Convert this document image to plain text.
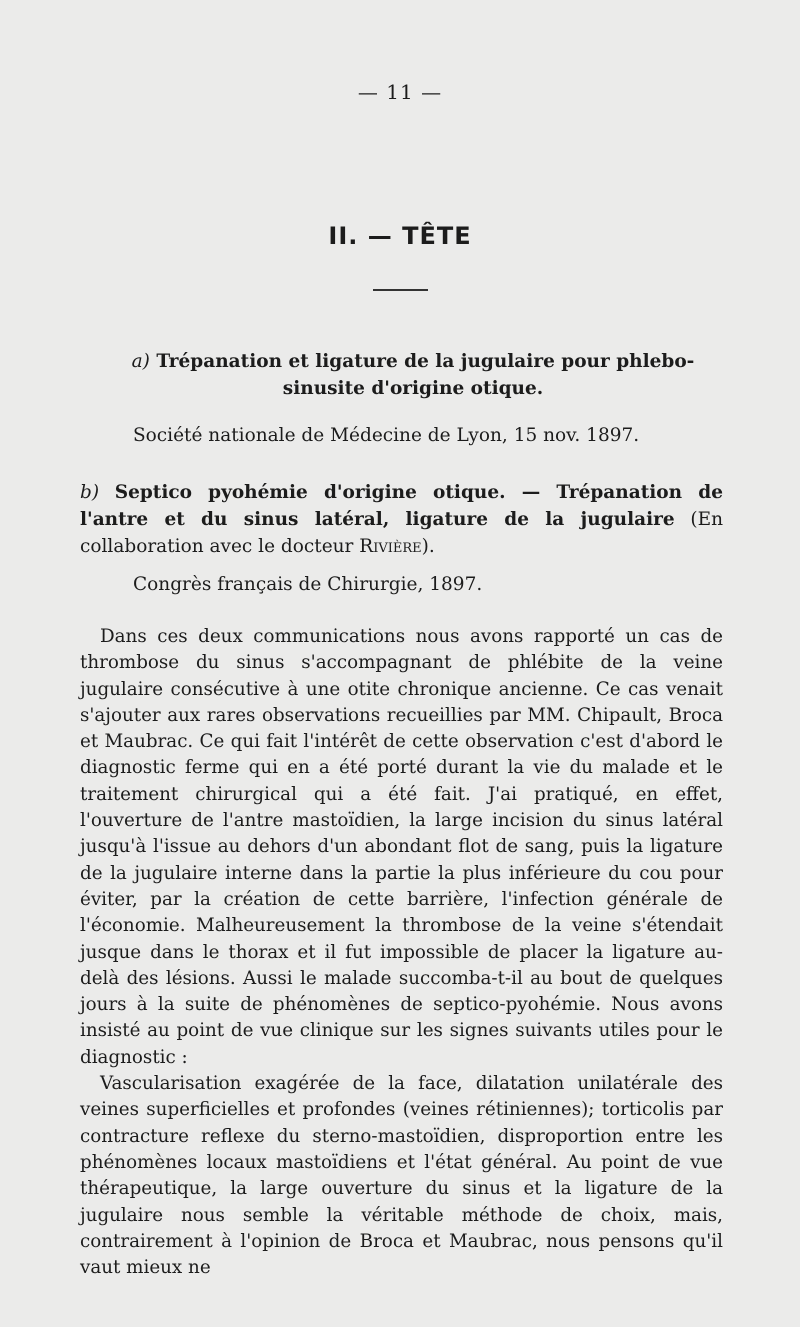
— 11 —
II. — TÊTE
a) Trépanation et ligature de la jugulaire pour phlebo-sinusite d'origine otique.
Société nationale de Médecine de Lyon, 15 nov. 1897.
b) Septico pyohémie d'origine otique. — Trépanation de l'antre et du sinus latéral, ligature de la jugulaire (En collaboration avec le docteur Rivière).
Congrès français de Chirurgie, 1897.

Dans ces deux communications nous avons rapporté un cas de thrombose du sinus s'accompagnant de phlébite de la veine jugulaire consécutive à une otite chronique ancienne. Ce cas venait s'ajouter aux rares observations recueillies par MM. Chipault, Broca et Maubrac. Ce qui fait l'intérêt de cette observation c'est d'abord le diagnostic ferme qui en a été porté durant la vie du malade et le traitement chirurgical qui a été fait. J'ai pratiqué, en effet, l'ouverture de l'antre mastoïdien, la large incision du sinus latéral jusqu'à l'issue au dehors d'un abondant flot de sang, puis la ligature de la jugulaire interne dans la partie la plus inférieure du cou pour éviter, par la création de cette barrière, l'infection générale de l'économie. Malheureusement la thrombose de la veine s'étendait jusque dans le thorax et il fut impossible de placer la ligature au-delà des lésions. Aussi le malade succomba-t-il au bout de quelques jours à la suite de phénomènes de septico-pyohémie. Nous avons insisté au point de vue clinique sur les signes suivants utiles pour le diagnostic :

Vascularisation exagérée de la face, dilatation unilatérale des veines superficielles et profondes (veines rétiniennes); torticolis par contracture reflexe du sterno-mastoïdien, disproportion entre les phénomènes locaux mastoïdiens et l'état général. Au point de vue thérapeutique, la large ouverture du sinus et la ligature de la jugulaire nous semble la véritable méthode de choix, mais, contrairement à l'opinion de Broca et Maubrac, nous pensons qu'il vaut mieux ne
